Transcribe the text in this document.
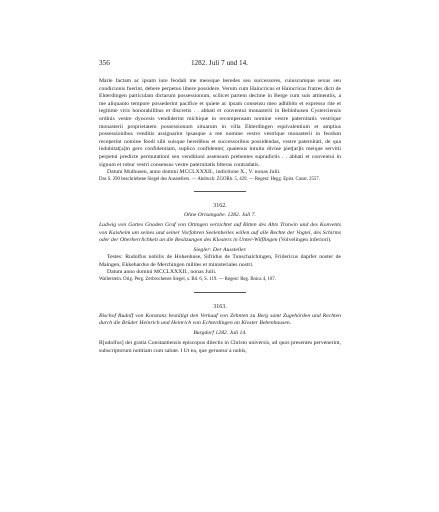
356	1282. Juli 7 und 14.

Marie factam ac ipsam iure feodali me meosque heredes seu successores, cuiuscumque sexus seu condicionis fuerint, debere perpetuo libere possidere. Verum cum Haincricus et Haincricus fratres dicti de Ehterdingen particulam dictarum possessionum, scilicet partem decime in Berge cum suis attinentiis, a me aliquanto tempore possederint pacifice et quiete ac ipsam consensu meo adhibito et expresso rite et legitime viris honorabilibus et discretis . . abbati et conventui monasterii in Bebinhusen Cysterciensis ordinis vestre dyocesis vendiderint michique in recompensam nomine vestre paternitatis vestrique monasterii proprietatem possessionum situarum in villa Ehterdingen equivalentium et amplius possessionibus venditis assignarint ipsasque a me nomine vestro vestrique monasterii in feodum receperint nomine feodi sibi suisque heredibus et successoribus possidendas, vestre paternitati, de qua indubitat[a]m gero confidentiam, suplico confidenter, quatenus intuitu divine piet[at]is meique servitii perpetui predicte permutationi seu venditioni assensum prebentes supradictis . . abbati et conventui in signum et robur vestri consensus vestre paternitatis litteras contradatis.

Datum Mulhusen, anno domini MCCLXXXII., indictione X., V. nonas Julii.

Das S. 290 beschriebene Siegel des Ausstellers. — Abdruck: ZGORh. 5, 429. — Regest: Hegg. Epist. Const. 2557.

3162.

Ohne Ortsangabe. 1282. Juli 7.

Ludwig von Gottes Gnaden Graf von Ottingen verzichtet auf Bitten des Abts Trutwin und des Konvents von Kaisheim um seines und seiner Vorfahren Seelenheiles willen auf alle Rechte der Vogtei, des Schirms oder der Oberherrlichkeit an die Besitzungen des Klosters in Unter-Wilflingen (Volvelingen inferiori).

Siegler: Der Aussteller.

Testes: Rudolfus nobilis de Hohenhuse, Sifridus de Tunschalchingen, Fridericus dapifer noster de Maingen, Ekkehardus de Merchingen milites et ministeriales nostri.

Datum anno domini MCCLXXXII., nonas Julii.

Wallerstein. Orig. Perg. Zerbrochenes Siegel, s. Bd. 6, S. 119. — Regest: Reg. Boica 4, 187.

3163.

Bischof Rudolf von Konstanz bestätigt den Verkauf von Zehnten zu Berg samt Zugehörden und Rechten durch die Brüder Heinrich und Heinrich von Echterdingen an Kloster Bebenhausen.

Burgdorf 1282. Juli 14.

R[udolfus] dei gratia Constantiensis episcopus dilectis in Christo universis, ad quos presentes pervenerint, subscriptorum notitiam cum salute. ‖ Ut ea, que geruntur a nobis,
